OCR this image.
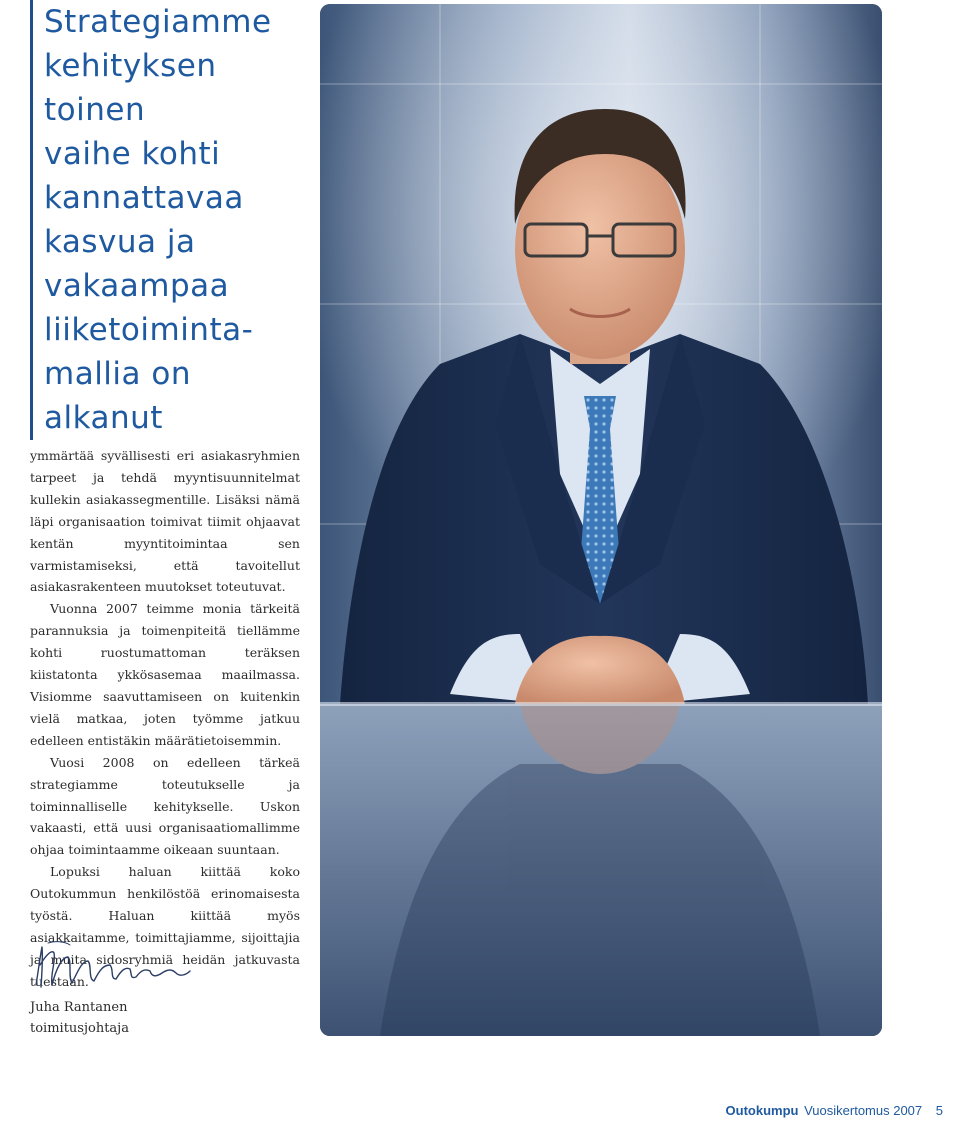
Strategiamme
kehityksen
toinen
vaihe kohti
kannattavaa
kasvua ja
vakaampaa
liiketoiminta-
mallia on
alkanut

ymmärtää syvällisesti eri asiakasryhmien tarpeet ja tehdä myyntisuunnitelmat kullekin asiakassegmentille. Lisäksi nämä läpi organisaation toimivat tiimit ohjaavat kentän myyntitoimintaa sen varmistamiseksi, että tavoitellut asiakasrakenteen muutokset toteutuvat.

Vuonna 2007 teimme monia tärkeitä parannuksia ja toimenpiteitä tiellämme kohti ruostumattoman teräksen kiistatonta ykkösasemaa maailmassa. Visiomme saavuttamiseen on kuitenkin vielä matkaa, joten työmme jatkuu edelleen entistäkin määrätietoisemmin.

Vuosi 2008 on edelleen tärkeä strategiamme toteutukselle ja toiminnalliselle kehitykselle. Uskon vakaasti, että uusi organisaatiomallimme ohjaa toimintaamme oikeaan suuntaan.

Lopuksi haluan kiittää koko Outokummun henkilöstöä erinomaisesta työstä. Haluan kiittää myös asiakkaitamme, toimittajiamme, sijoittajia ja muita sidosryhmiä heidän jatkuvasta tuestaan.

Juha Rantanen
toimitusjohtaja
Outokumpu Vuosikertomus 2007 5
